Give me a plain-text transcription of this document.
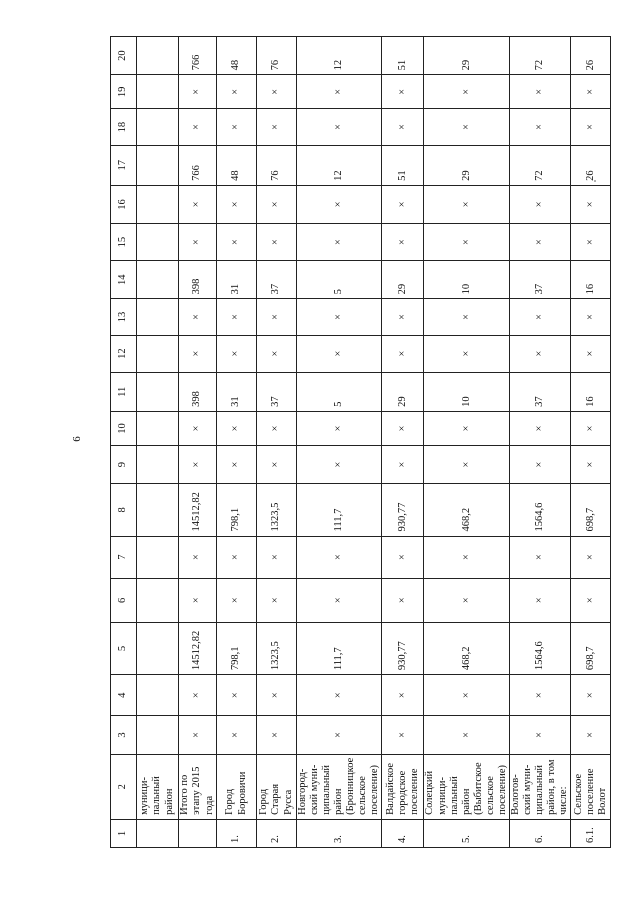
6
1	2	3	4	5	6	7	8	9	10	11	12	13	14	15	16	17	18	19	20
	муници-пальный район																		
	Итого по этапу 2015 года	×	×	14512,82	×	×	14512,82	×	×	398	×	×	398	×	×	766	×	×	766
1.	Город Боровичи	×	×	798,1	×	×	798,1	×	×	31	×	×	31	×	×	48	×	×	48
2.	Город Старая Русса	×	×	1323,5	×	×	1323,5	×	×	37	×	×	37	×	×	76	×	×	76
3.	Новгород-ский муни-ципальный район (Бронницкое сельское поселение)	×	×	111,7	×	×	111,7	×	×	5	×	×	5	×	×	12	×	×	12
4.	Валдайское городское поселение	×	×	930,77	×	×	930,77	×	×	29	×	×	29	×	×	51	×	×	51
5.	Солецкий муници-пальный район (Выбитское сельское поселение)	×	×	468,2	×	×	468,2	×	×	10	×	×	10	×	×	29	×	×	29
6.	Волотов-ский муни-ципальный район, в том числе:	×	×	1564,6	×	×	1564,6	×	×	37	×	×	37	×	×	72	×	×	72
6.1.	Сельское поселение Волот	×	×	698,7	×	×	698,7	×	×	16	×	×	16	×	×	26	×	×	26
